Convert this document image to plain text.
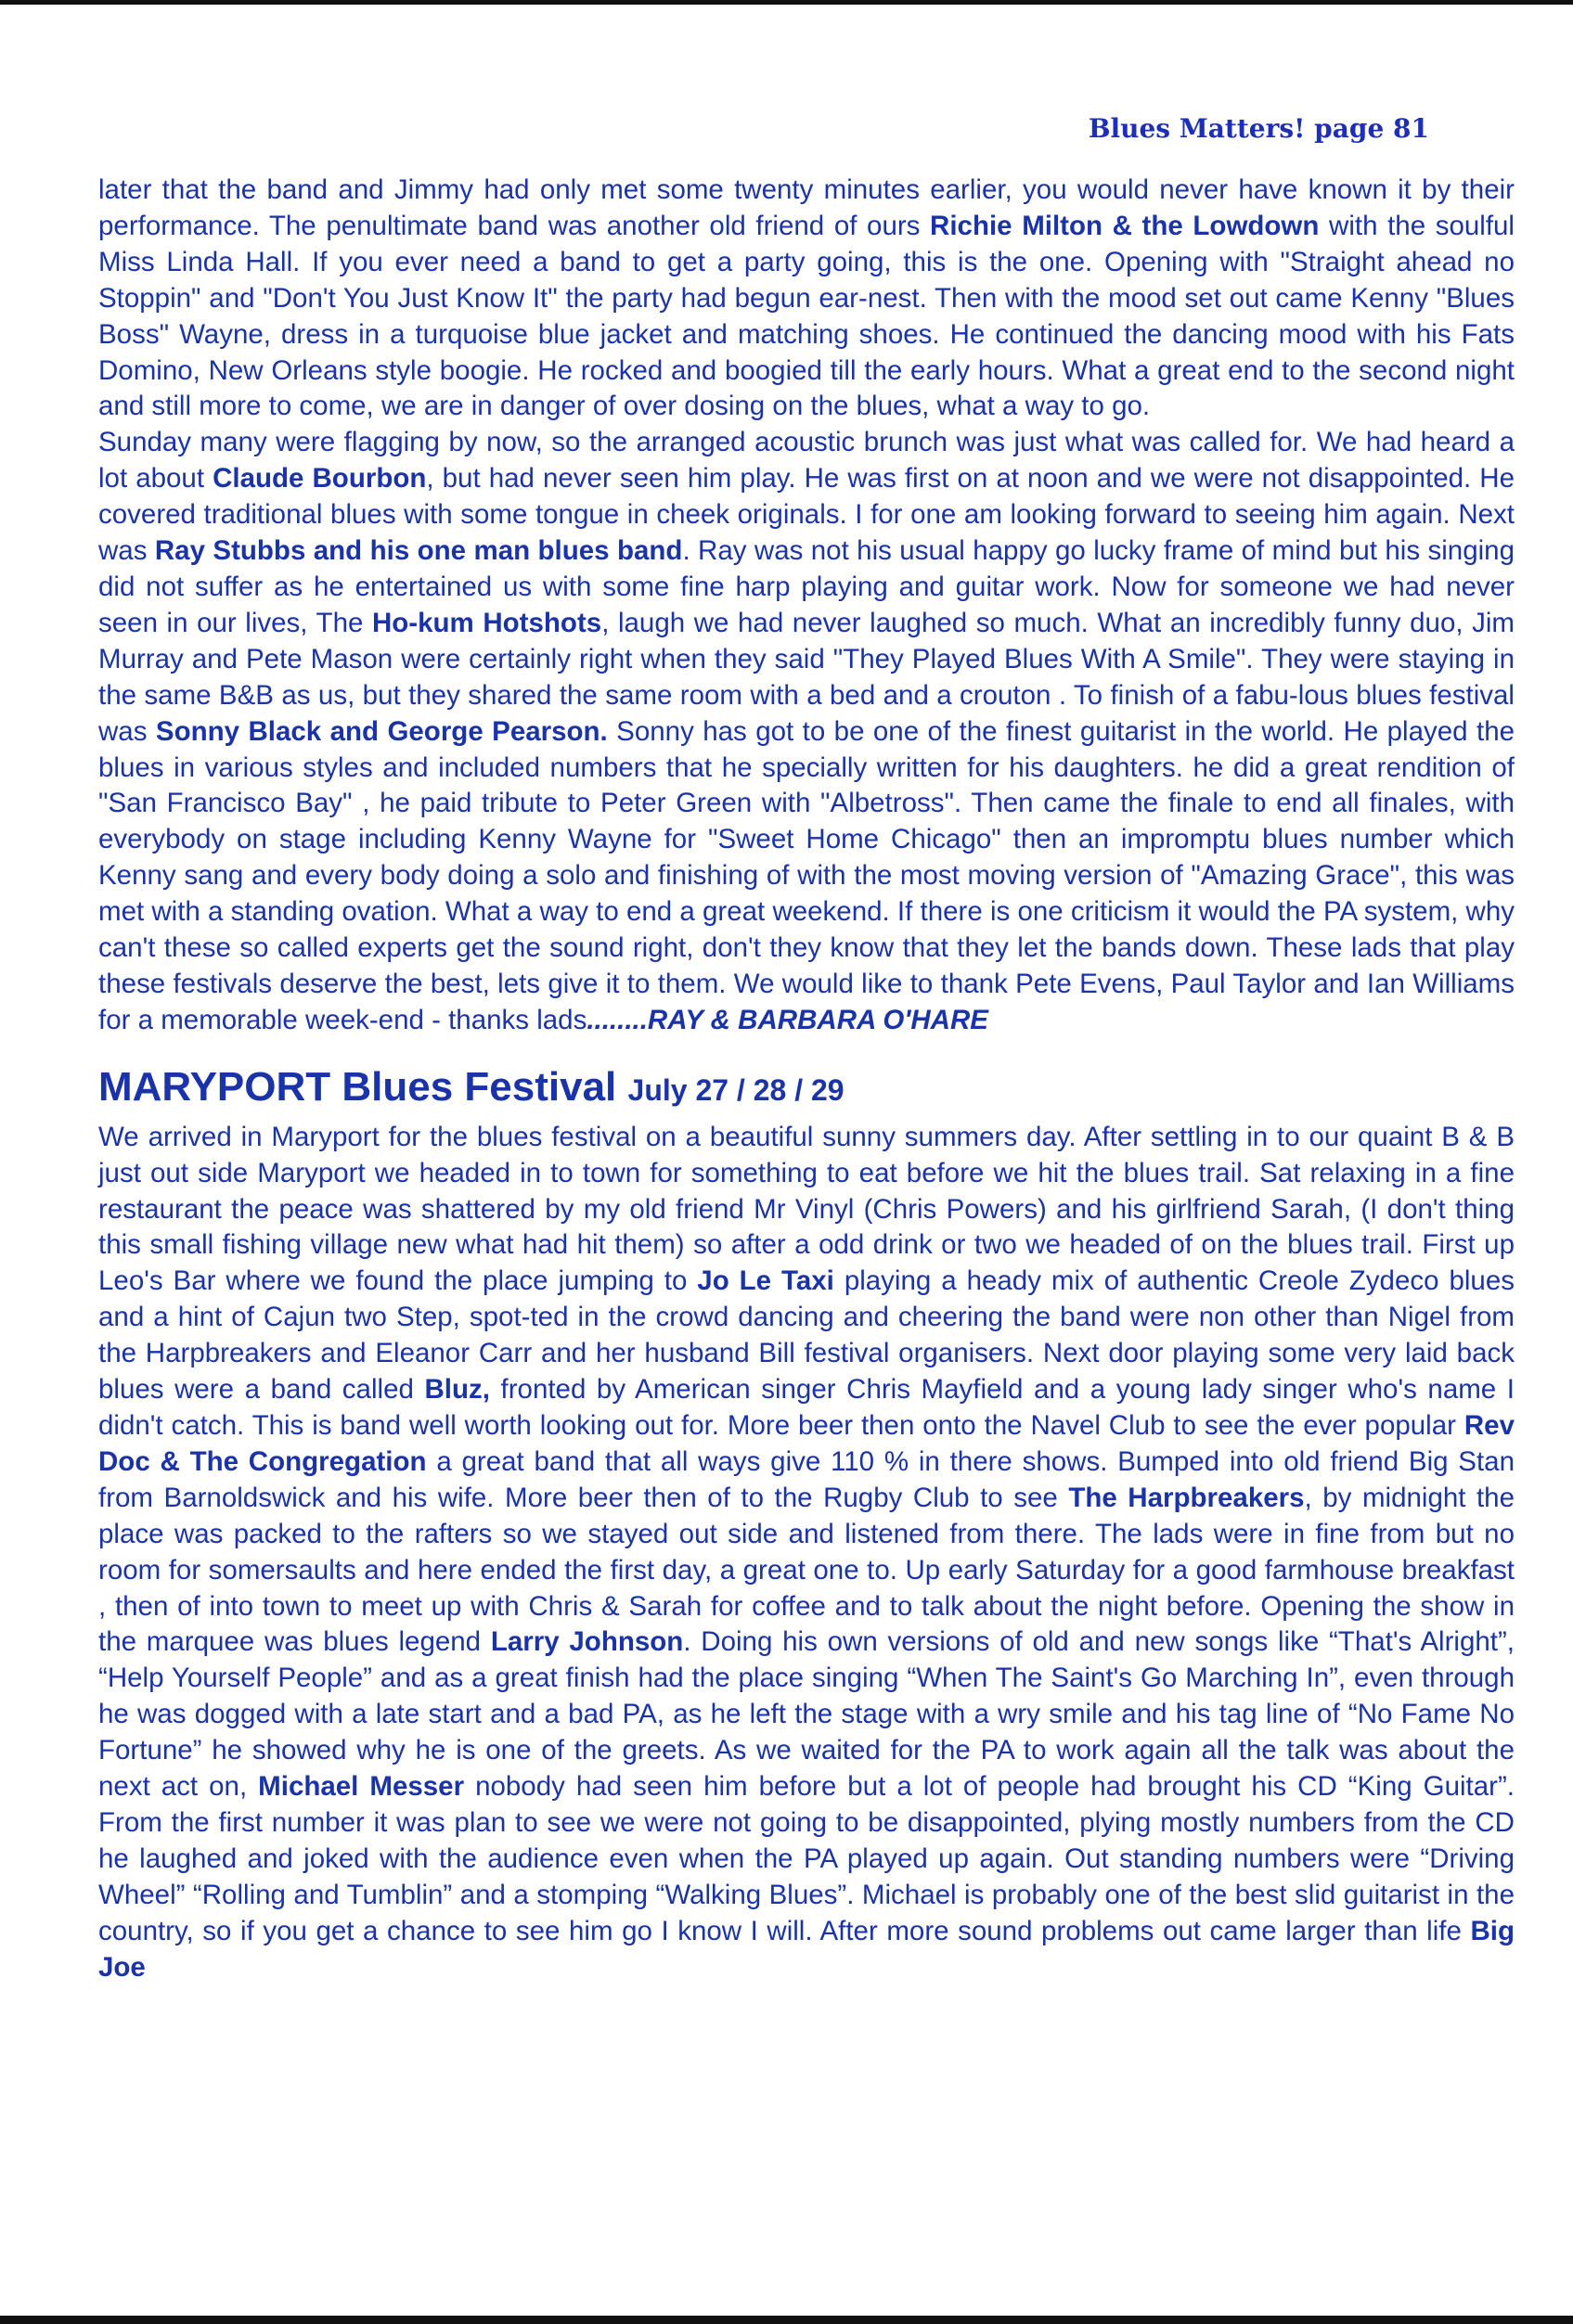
Blues Matters! page 81

later that the band and Jimmy had only met some twenty minutes earlier, you would never have known it by their performance. The penultimate band was another old friend of ours Richie Milton & the Lowdown with the soulful Miss Linda Hall. If you ever need a band to get a party going, this is the one. Opening with "Straight ahead no Stoppin" and "Don't You Just Know It" the party had begun ear-nest. Then with the mood set out came Kenny "Blues Boss" Wayne, dress in a turquoise blue jacket and matching shoes. He continued the dancing mood with his Fats Domino, New Orleans style boogie. He rocked and boogied till the early hours. What a great end to the second night and still more to come, we are in danger of over dosing on the blues, what a way to go.

Sunday many were flagging by now, so the arranged acoustic brunch was just what was called for. We had heard a lot about Claude Bourbon, but had never seen him play. He was first on at noon and we were not disappointed. He covered traditional blues with some tongue in cheek originals. I for one am looking forward to seeing him again. Next was Ray Stubbs and his one man blues band. Ray was not his usual happy go lucky frame of mind but his singing did not suffer as he entertained us with some fine harp playing and guitar work. Now for someone we had never seen in our lives, The Ho-kum Hotshots, laugh we had never laughed so much. What an incredibly funny duo, Jim Murray and Pete Mason were certainly right when they said "They Played Blues With A Smile". They were staying in the same B&B as us, but they shared the same room with a bed and a crouton . To finish of a fabu-lous blues festival was Sonny Black and George Pearson. Sonny has got to be one of the finest guitarist in the world. He played the blues in various styles and included numbers that he specially written for his daughters. he did a great rendition of "San Francisco Bay" , he paid tribute to Peter Green with "Albetross". Then came the finale to end all finales, with everybody on stage including Kenny Wayne for "Sweet Home Chicago" then an impromptu blues number which Kenny sang and every body doing a solo and finishing of with the most moving version of "Amazing Grace", this was met with a standing ovation. What a way to end a great weekend. If there is one criticism it would the PA system, why can't these so called experts get the sound right, don't they know that they let the bands down. These lads that play these festivals deserve the best, lets give it to them. We would like to thank Pete Evens, Paul Taylor and Ian Williams for a memorable week-end - thanks lads........RAY & BARBARA O'HARE

MARYPORT Blues Festival July 27 / 28 / 29

We arrived in Maryport for the blues festival on a beautiful sunny summers day. After settling in to our quaint B & B just out side Maryport we headed in to town for something to eat before we hit the blues trail. Sat relaxing in a fine restaurant the peace was shattered by my old friend Mr Vinyl (Chris Powers) and his girlfriend Sarah, (I don't thing this small fishing village new what had hit them) so after a odd drink or two we headed of on the blues trail. First up Leo's Bar where we found the place jumping to Jo Le Taxi playing a heady mix of authentic Creole Zydeco blues and a hint of Cajun two Step, spot-ted in the crowd dancing and cheering the band were non other than Nigel from the Harpbreakers and Eleanor Carr and her husband Bill festival organisers. Next door playing some very laid back blues were a band called Bluz, fronted by American singer Chris Mayfield and a young lady singer who's name I didn't catch. This is band well worth looking out for. More beer then onto the Navel Club to see the ever popular Rev Doc & The Congregation a great band that all ways give 110 % in there shows. Bumped into old friend Big Stan from Barnoldswick and his wife. More beer then of to the Rugby Club to see The Harpbreakers, by midnight the place was packed to the rafters so we stayed out side and listened from there. The lads were in fine from but no room for somersaults and here ended the first day, a great one to. Up early Saturday for a good farmhouse breakfast , then of into town to meet up with Chris & Sarah for coffee and to talk about the night before. Opening the show in the marquee was blues legend Larry Johnson. Doing his own versions of old and new songs like “That's Alright”, “Help Yourself People” and as a great finish had the place singing “When The Saint's Go Marching In”, even through he was dogged with a late start and a bad PA, as he left the stage with a wry smile and his tag line of “No Fame No Fortune” he showed why he is one of the greets. As we waited for the PA to work again all the talk was about the next act on, Michael Messer nobody had seen him before but a lot of people had brought his CD “King Guitar”. From the first number it was plan to see we were not going to be disappointed, plying mostly numbers from the CD he laughed and joked with the audience even when the PA played up again. Out standing numbers were “Driving Wheel” “Rolling and Tumblin” and a stomping “Walking Blues”. Michael is probably one of the best slid guitarist in the country, so if you get a chance to see him go I know I will. After more sound problems out came larger than life Big Joe
